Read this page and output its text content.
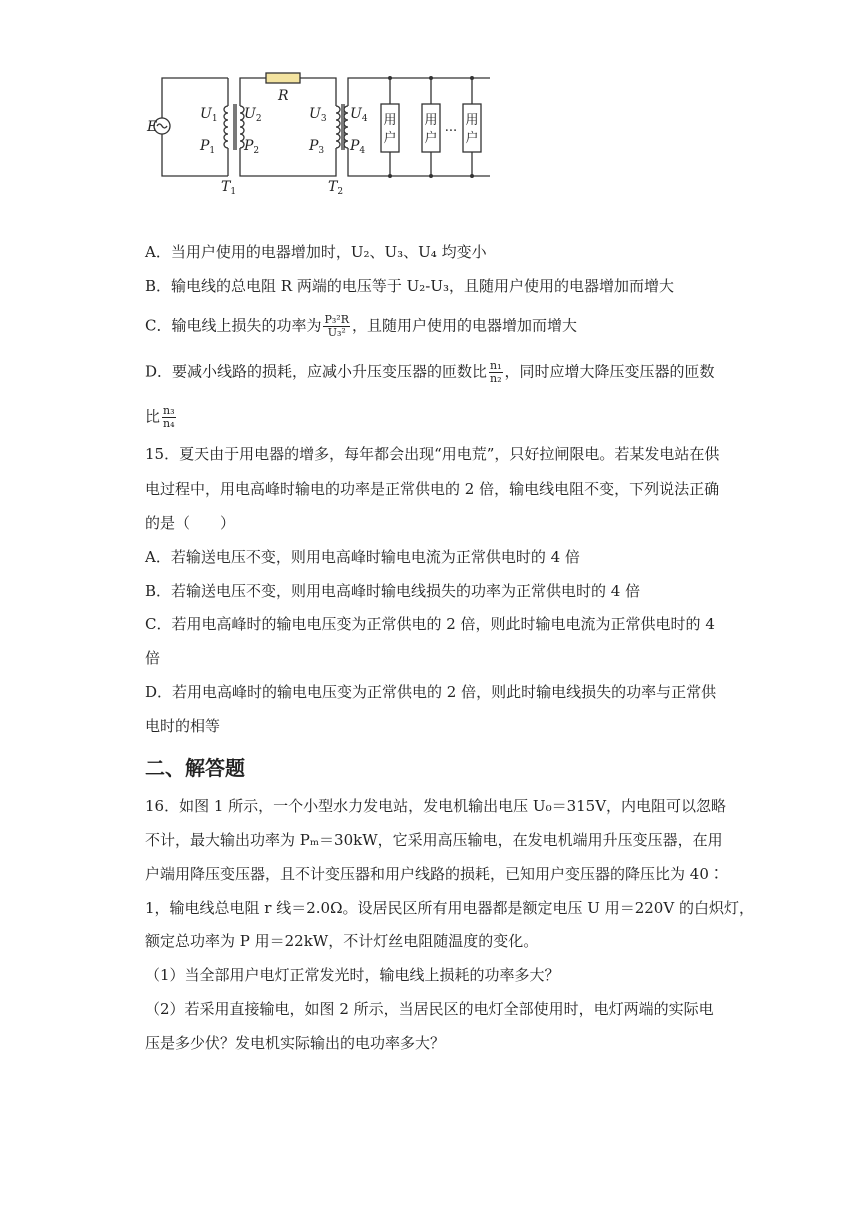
E
R
$U_1$
$P_1$
$U_2$
$P_2$
$U_3$
$P_3$
$U_4$
$P_4$
$T_1$	$T_2$
用
户
用
户
用
户
...
A．当用户使用的电器增加时，U₂、U₃、U₄ 均变小
B．输电线的总电阻 R 两端的电压等于 U₂-U₃，且随用户使用的电器增加而增大
C．输电线上损失的功率为 $\frac{\text{P₃²R}}{\text{U₃²}}$ ，且随用户使用的电器增加而增大
D．要减小线路的损耗，应减小升压变压器的匝数比 $\frac{\text{n₁}}{\text{n₂}}$ ，同时应增大降压变压器的匝数
比 $\frac{\text{n₃}}{\text{n₄}}$
15．夏天由于用电器的增多，每年都会出现“用电荒”，只好拉闸限电。若某发电站在供
电过程中，用电高峰时输电的功率是正常供电的 2 倍，输电线电阻不变，下列说法正确
的是（　　）
A．若输送电压不变，则用电高峰时输电电流为正常供电时的 4 倍
B．若输送电压不变，则用电高峰时输电线损失的功率为正常供电时的 4 倍
C．若用电高峰时的输电电压变为正常供电的 2 倍，则此时输电电流为正常供电时的 4
倍
D．若用电高峰时的输电电压变为正常供电的 2 倍，则此时输电线损失的功率与正常供
电时的相等
二、解答题
16．如图 1 所示，一个小型水力发电站，发电机输出电压 U₀＝315V，内电阻可以忽略
不计，最大输出功率为 Pₘ＝30kW，它采用高压输电，在发电机端用升压变压器，在用
户端用降压变压器，且不计变压器和用户线路的损耗，已知用户变压器的降压比为 40∶
1，输电线总电阻 r 线＝2.0Ω。设居民区所有用电器都是额定电压 U 用＝220V 的白炽灯，
额定总功率为 P 用＝22kW，不计灯丝电阻随温度的变化。
（1）当全部用户电灯正常发光时，输电线上损耗的功率多大？
（2）若采用直接输电，如图 2 所示，当居民区的电灯全部使用时，电灯两端的实际电
压是多少伏？发电机实际输出的电功率多大？
